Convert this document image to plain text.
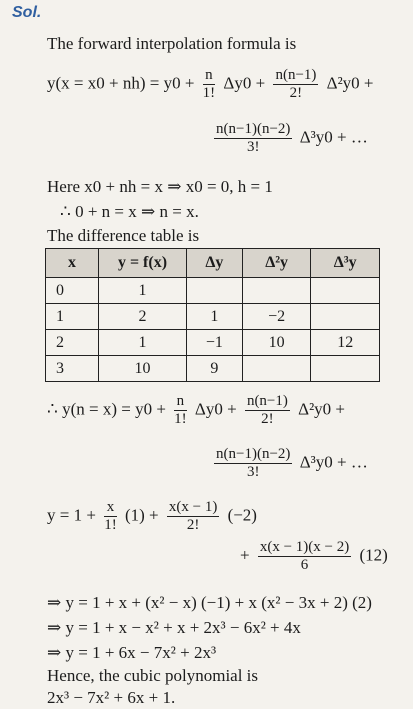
Sol.
The forward interpolation formula is
$y(x = x0 + nh) = y0 + \frac{n}{1!} \Delta y0 + \frac{n(n-1)}{2!} \Delta^2y0$ +
$\frac{n(n-1)(n-2)}{3!} \Delta^3y0$ + …
Here x0 + nh = x ⇒ x0 = 0, h = 1
∴ 0 + n = x ⇒ n = x.
The difference table is
x	y = f(x)	Δy	Δ²y	Δ³y
0	1			
1	2	1	−2	
2	1	−1	10	12
3	10	9		
∴ $y(n = x) = y0 + \frac{n}{1!} \Delta y0 + \frac{n(n-1)}{2!} \Delta^2y0$ +
$\frac{n(n-1)(n-2)}{3!} \Delta^3y0$ + …
$y = 1 + \frac{x}{1!} (1) + \frac{x(x - 1)}{2!} (-2)$
+ $\frac{x(x - 1)(x - 2)}{6} (12)$
⇒ y = 1 + x + (x² − x) (−1) + x (x² − 3x + 2) (2)
⇒ y = 1 + x − x² + x + 2x³ − 6x² + 4x
⇒ y = 1 + 6x − 7x² + 2x³
Hence, the cubic polynomial is
2x³ − 7x² + 6x + 1.
